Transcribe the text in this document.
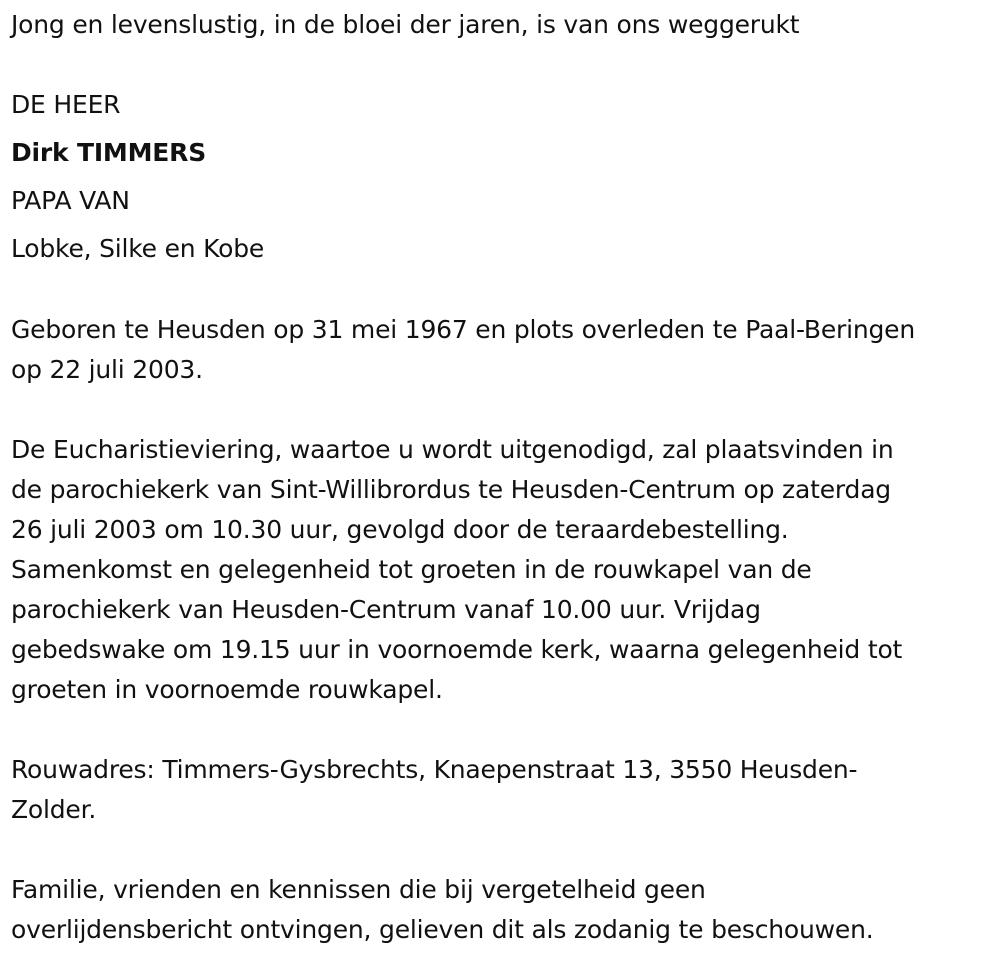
Jong en levenslustig, in de bloei der jaren, is van ons weggerukt
DE HEER
Dirk TIMMERS
PAPA VAN
Lobke, Silke en Kobe
Geboren te Heusden op 31 mei 1967 en plots overleden te Paal-Beringen
op 22 juli 2003.
De Eucharistieviering, waartoe u wordt uitgenodigd, zal plaatsvinden in
de parochiekerk van Sint-Willibrordus te Heusden-Centrum op zaterdag
26 juli 2003 om 10.30 uur, gevolgd door de teraardebestelling.
Samenkomst en gelegenheid tot groeten in de rouwkapel van de
parochiekerk van Heusden-Centrum vanaf 10.00 uur. Vrijdag
gebedswake om 19.15 uur in voornoemde kerk, waarna gelegenheid tot
groeten in voornoemde rouwkapel.
Rouwadres: Timmers-Gysbrechts, Knaepenstraat 13, 3550 Heusden-
Zolder.
Familie, vrienden en kennissen die bij vergetelheid geen
overlijdensbericht ontvingen, gelieven dit als zodanig te beschouwen.
